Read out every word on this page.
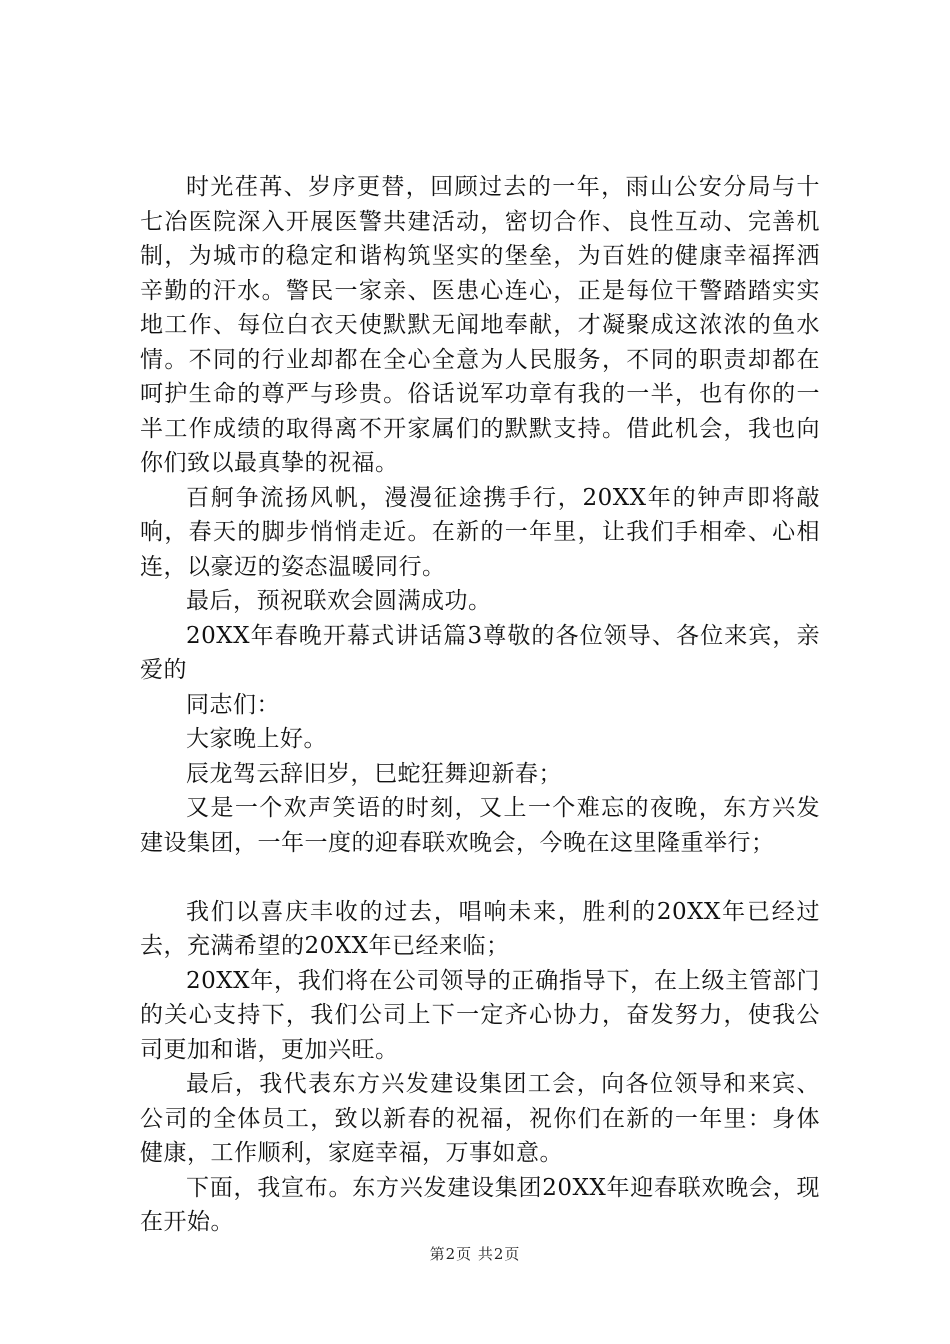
时光荏苒、岁序更替，回顾过去的一年，雨山公安分局与十七冶医院深入开展医警共建活动，密切合作、良性互动、完善机制，为城市的稳定和谐构筑坚实的堡垒，为百姓的健康幸福挥洒辛勤的汗水。警民一家亲、医患心连心，正是每位干警踏踏实实地工作、每位白衣天使默默无闻地奉献，才凝聚成这浓浓的鱼水情。不同的行业却都在全心全意为人民服务，不同的职责却都在呵护生命的尊严与珍贵。俗话说军功章有我的一半，也有你的一半工作成绩的取得离不开家属们的默默支持。借此机会，我也向你们致以最真挚的祝福。

百舸争流扬风帆，漫漫征途携手行，20XX年的钟声即将敲响，春天的脚步悄悄走近。在新的一年里，让我们手相牵、心相连，以豪迈的姿态温暖同行。

最后，预祝联欢会圆满成功。

20XX年春晚开幕式讲话篇3尊敬的各位领导、各位来宾，亲爱的

同志们：

大家晚上好。

辰龙驾云辞旧岁，巳蛇狂舞迎新春；

又是一个欢声笑语的时刻，又上一个难忘的夜晚，东方兴发建设集团，一年一度的迎春联欢晚会，今晚在这里隆重举行；

我们以喜庆丰收的过去，唱响未来，胜利的20XX年已经过去，充满希望的20XX年已经来临；

20XX年，我们将在公司领导的正确指导下，在上级主管部门的关心支持下，我们公司上下一定齐心协力，奋发努力，使我公司更加和谐，更加兴旺。

最后，我代表东方兴发建设集团工会，向各位领导和来宾、公司的全体员工，致以新春的祝福，祝你们在新的一年里：身体健康，工作顺利，家庭幸福，万事如意。

下面，我宣布。东方兴发建设集团20XX年迎春联欢晚会，现在开始。

第2页 共2页
